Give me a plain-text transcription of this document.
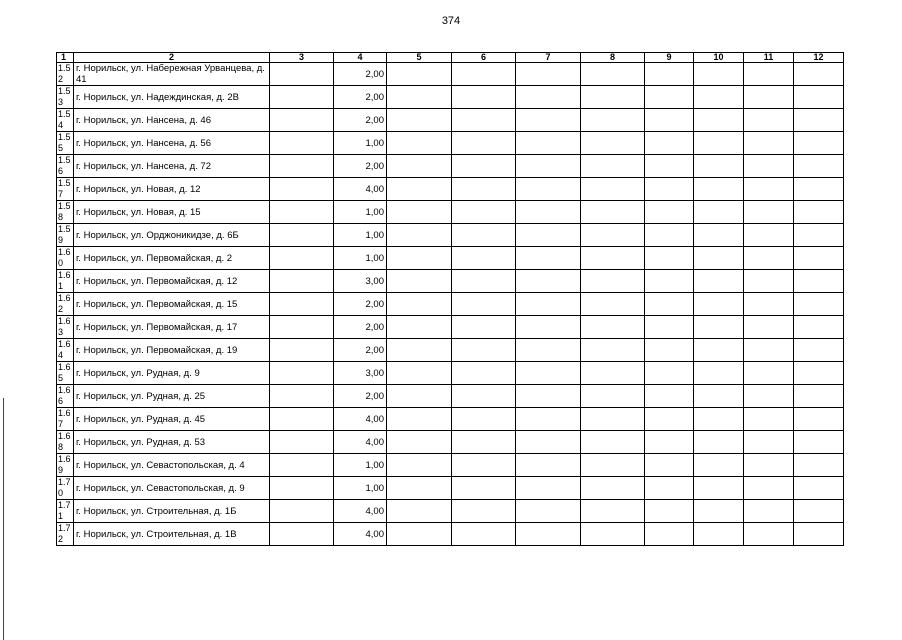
374
1	2	3	4	5	6	7	8	9	10	11	12
1.52	г. Норильск, ул. Набережная Урванцева, д. 41		2,00								
1.53	г. Норильск, ул. Надеждинская, д. 2В		2,00								
1.54	г. Норильск, ул. Нансена, д. 46		2,00								
1.55	г. Норильск, ул. Нансена, д. 56		1,00								
1.56	г. Норильск, ул. Нансена, д. 72		2,00								
1.57	г. Норильск, ул. Новая, д. 12		4,00								
1.58	г. Норильск, ул. Новая, д. 15		1,00								
1.59	г. Норильск, ул. Орджоникидзе, д. 6Б		1,00								
1.60	г. Норильск, ул. Первомайская, д. 2		1,00								
1.61	г. Норильск, ул. Первомайская, д. 12		3,00								
1.62	г. Норильск, ул. Первомайская, д. 15		2,00								
1.63	г. Норильск, ул. Первомайская, д. 17		2,00								
1.64	г. Норильск, ул. Первомайская, д. 19		2,00								
1.65	г. Норильск, ул. Рудная, д. 9		3,00								
1.66	г. Норильск, ул. Рудная, д. 25		2,00								
1.67	г. Норильск, ул. Рудная, д. 45		4,00								
1.68	г. Норильск, ул. Рудная, д. 53		4,00								
1.69	г. Норильск, ул. Севастопольская, д. 4		1,00								
1.70	г. Норильск, ул. Севастопольская, д. 9		1,00								
1.71	г. Норильск, ул. Строительная, д. 1Б		4,00								
1.72	г. Норильск, ул. Строительная, д. 1В		4,00								
